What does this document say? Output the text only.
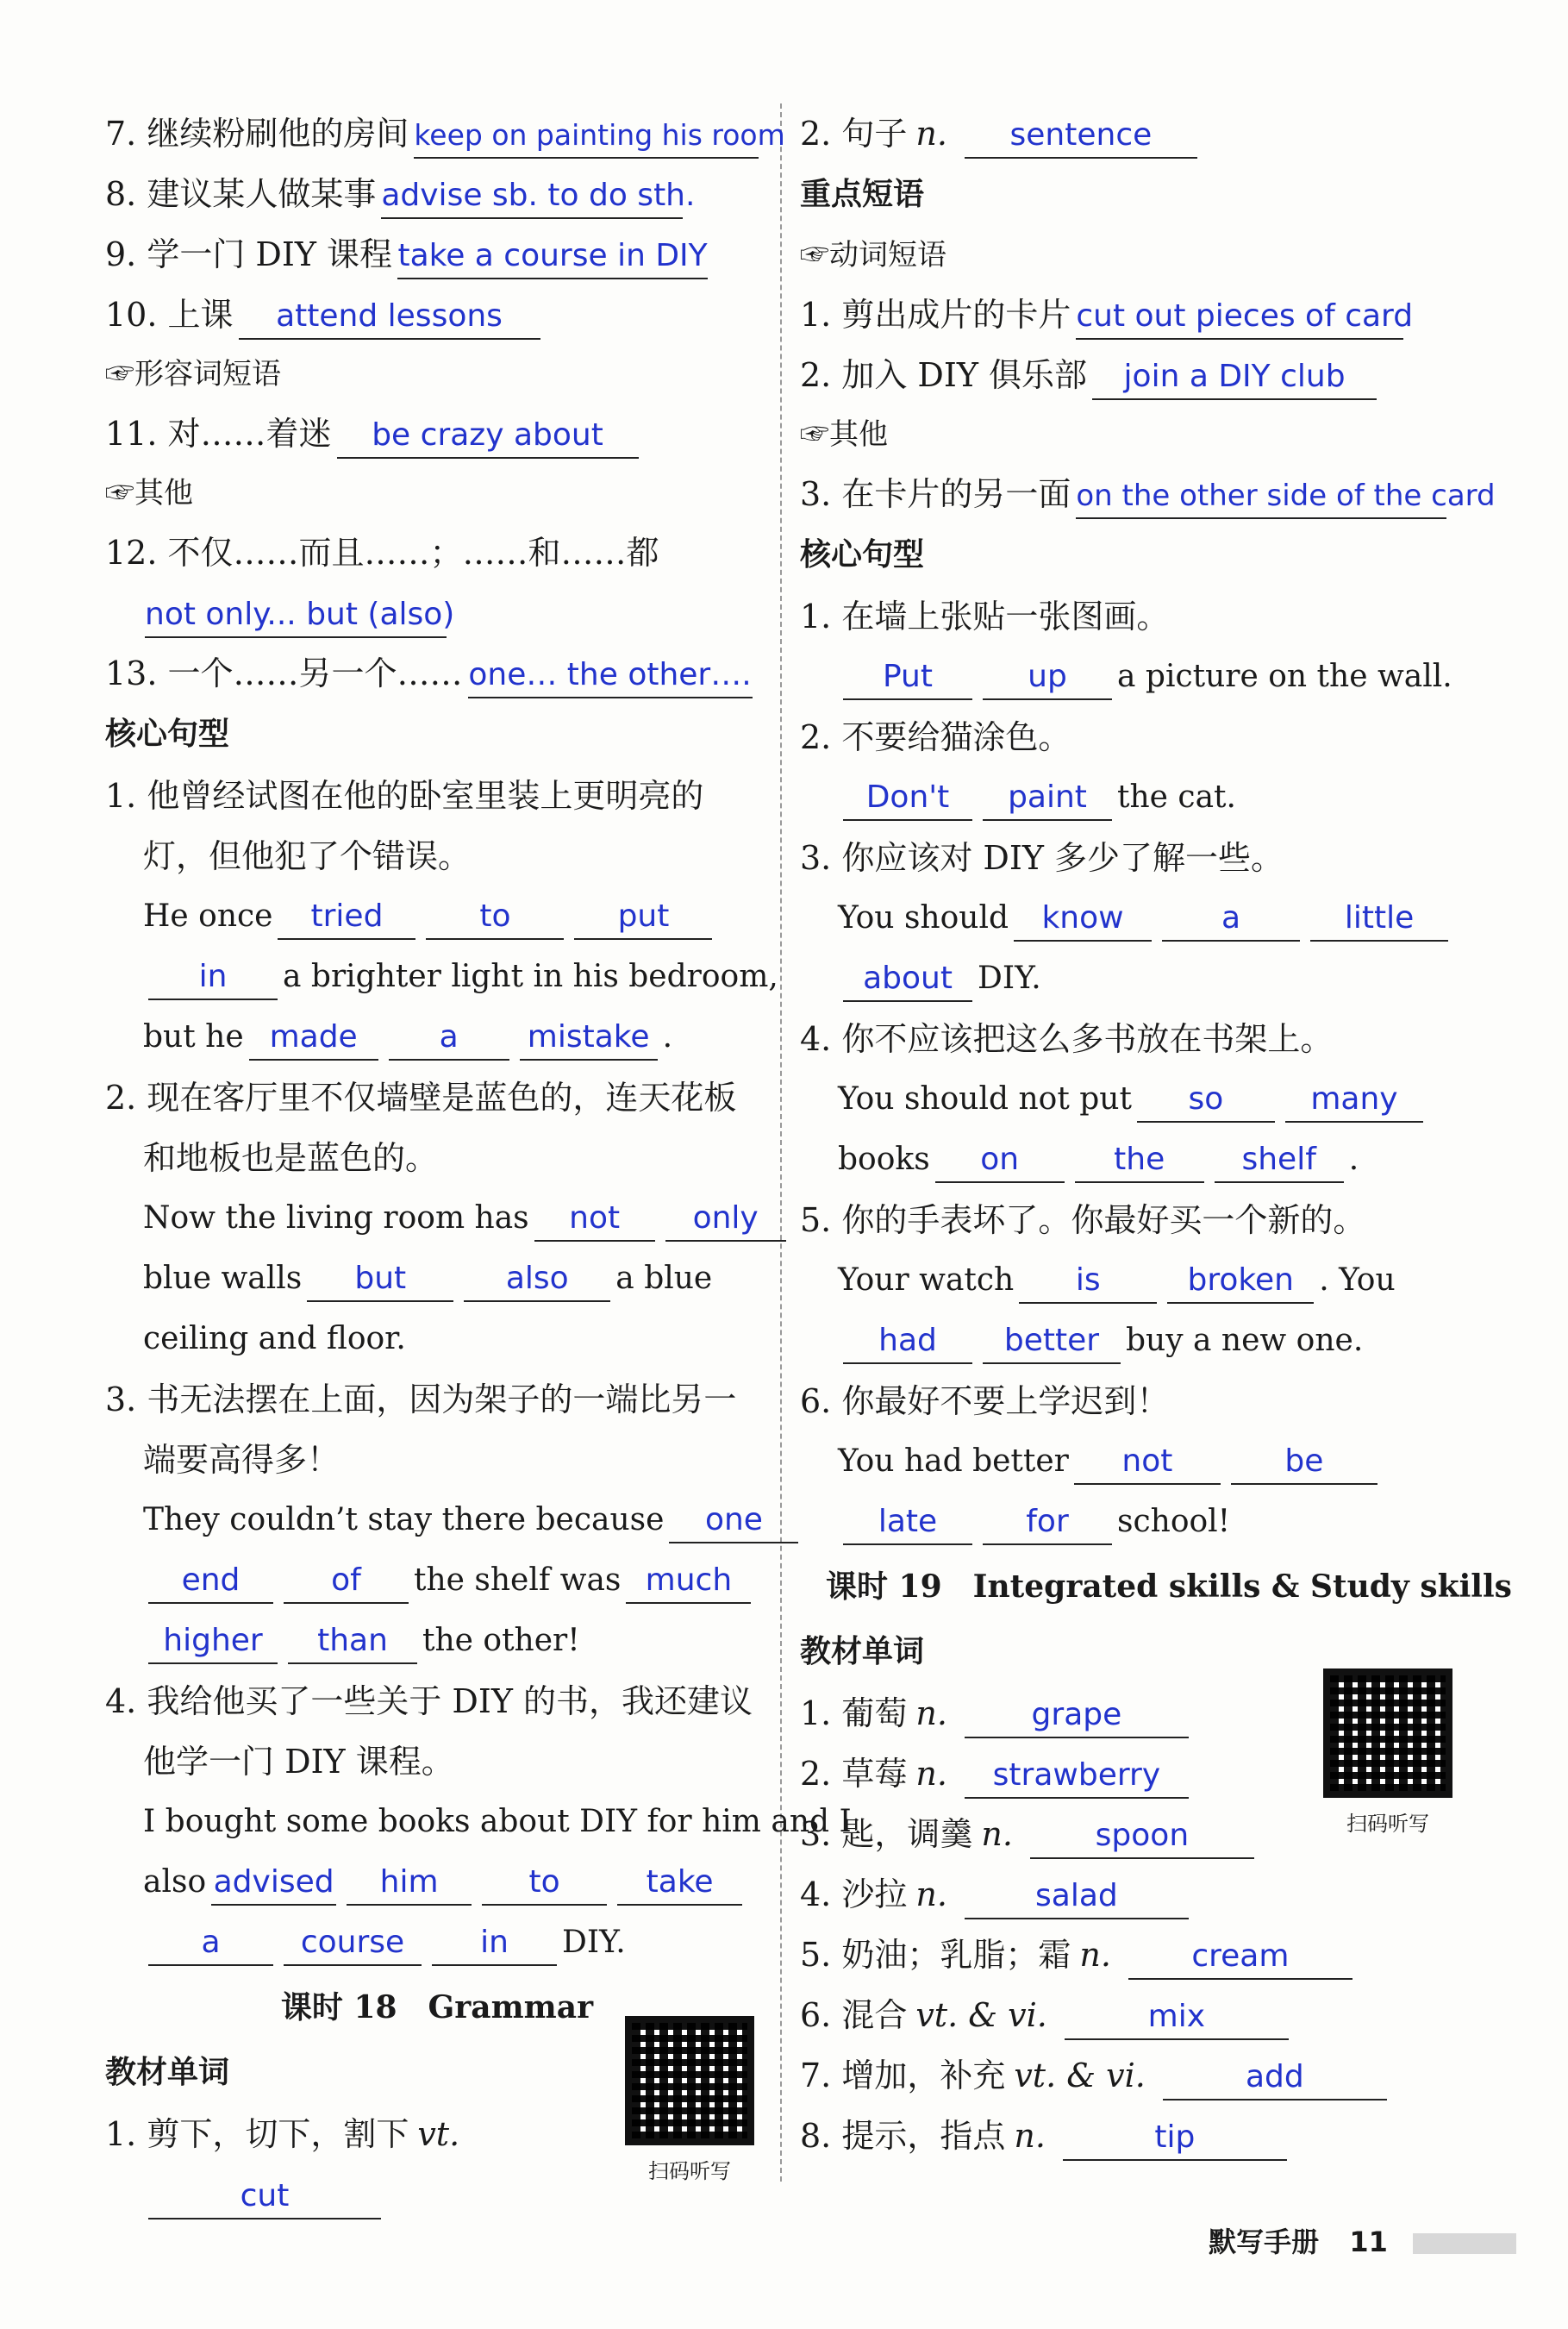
7. 继续粉刷他的房间 keep on painting his room
8. 建议某人做某事 advise sb. to do sth.
9. 学一门 DIY 课程 take a course in DIY
10. 上课 attend lessons
☞形容词短语
11. 对……着迷 be crazy about
☞其他
12. 不仅……而且……；……和……都
not only... but (also)
13. 一个……另一个…… one… the other….
核心句型
1. 他曾经试图在他的卧室里装上更明亮的
灯，但他犯了个错误。
He once tried	to	put
in a brighter light in his bedroom,
but he made	a mistake .
2. 现在客厅里不仅墙壁是蓝色的，连天花板
和地板也是蓝色的。
Now the living room has not only
blue walls but	also a blue
ceiling and floor.
3. 书无法摆在上面，因为架子的一端比另一
端要高得多！
They couldn’t stay there because one
end	of the shelf was much
higher than the other!
4. 我给他买了一些关于 DIY 的书，我还建议
他学一门 DIY 课程。
I bought some books about DIY for him and I
also advised him	to	take
a	course in DIY.
课时 18　Grammar
教材单词
1. 剪下，切下，割下 vt.
cut
扫码听写
2. 句子 n. sentence
重点短语
☞动词短语
1. 剪出成片的卡片 cut out pieces of card
2. 加入 DIY 俱乐部 join a DIY club
☞其他
3. 在卡片的另一面 on the other side of the card
核心句型
1. 在墙上张贴一张图画。
Put	up a picture on the wall.
2. 不要给猫涂色。
Don't paint the cat.
3. 你应该对 DIY 多少了解一些。
You should know	a	little
about DIY.
4. 你不应该把这么多书放在书架上。
You should not put so	many
books on	the shelf .
5. 你的手表坏了。你最好买一个新的。
Your watch is	broken . You
had better buy a new one.
6. 你最好不要上学迟到！
You had better not	be
late	for school!
课时 19　Integrated skills & Study skills
教材单词
1. 葡萄 n.	grape
2. 草莓 n. strawberry
3. 匙，调羹 n.	spoon
4. 沙拉 n.	salad
5. 奶油；乳脂；霜 n.	cream
6. 混合 vt. & vi.	mix
7. 增加，补充 vt. & vi.	add
8. 提示，指点 n.	tip
扫码听写
默写手册 11
